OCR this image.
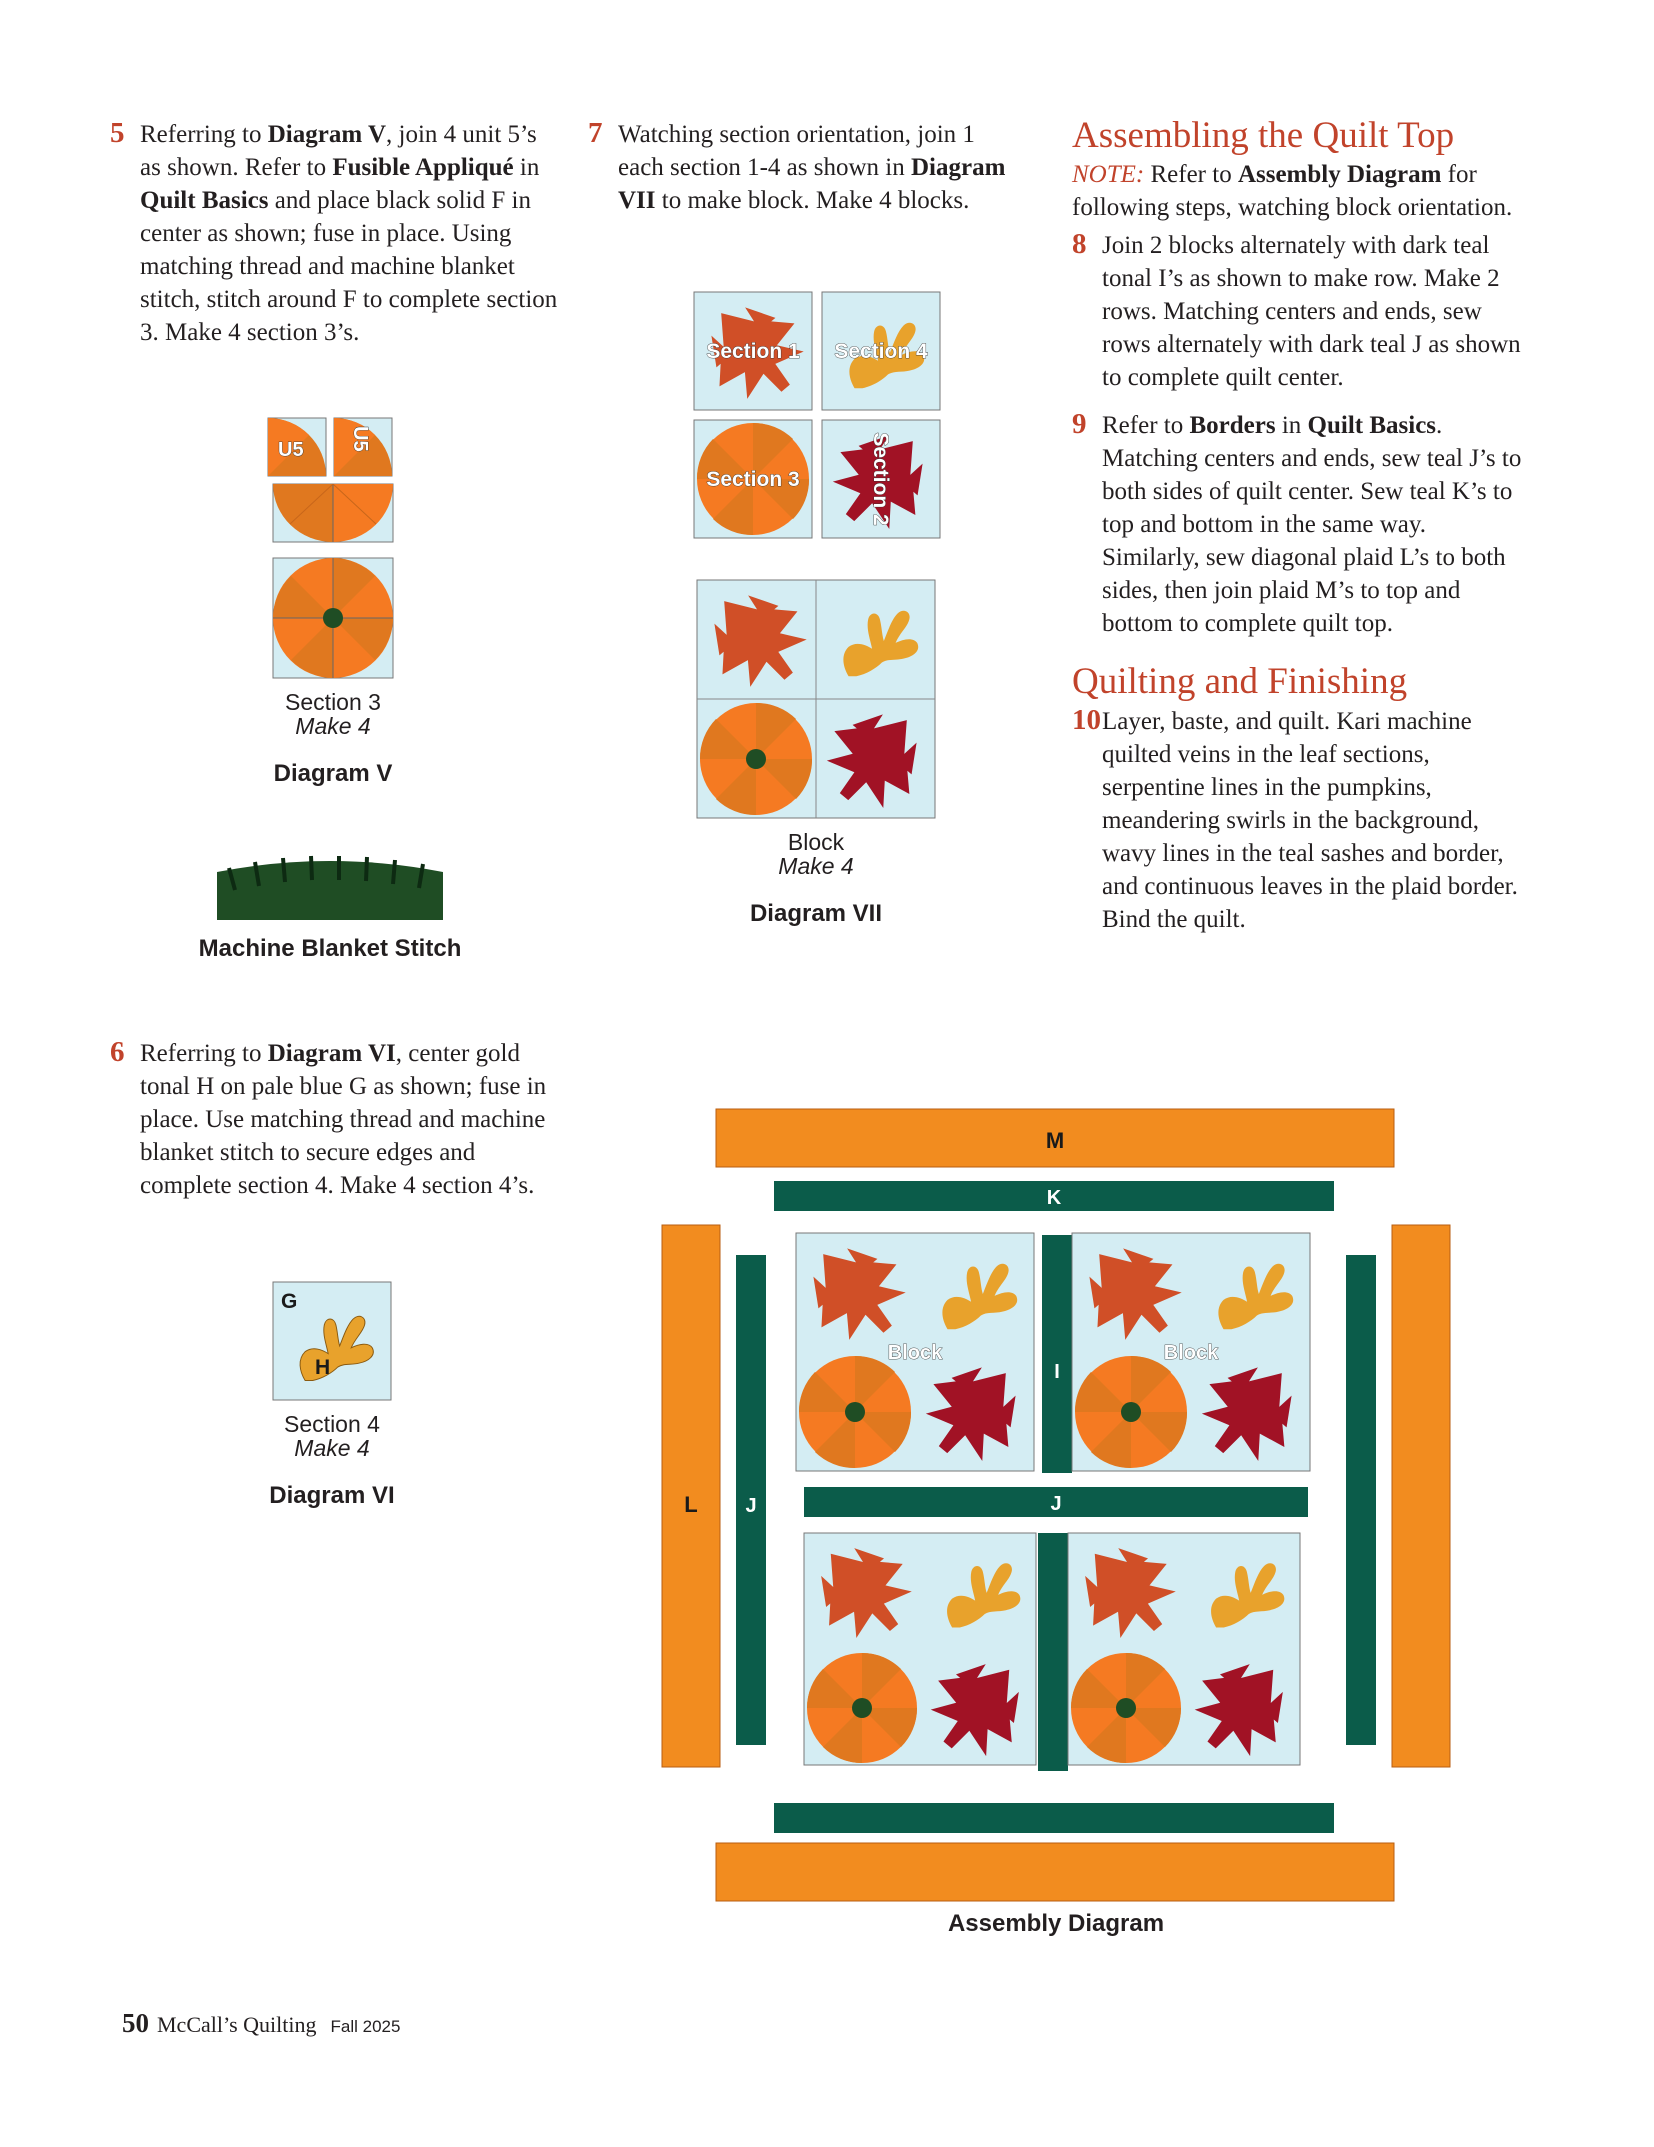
5 Referring to Diagram V, join 4 unit 5’s as shown. Refer to Fusible Appliqué in Quilt Basics and place black solid F in center as shown; fuse in place. Using matching thread and machine blanket stitch, stitch around F to complete section 3. Make 4 section 3’s.

U5 U5
Section 3
Make 4
Diagram V
Machine Blanket Stitch

6 Referring to Diagram VI, center gold tonal H on pale blue G as shown; fuse in place. Use matching thread and machine blanket stitch to secure edges and complete section 4. Make 4 section 4’s.

G
H
Section 4
Make 4
Diagram VI

7 Watching section orientation, join 1 each section 1-4 as shown in Diagram VII to make block. Make 4 blocks.

Section 1 Section 4
Section 3	Section 2
Block
Make 4
Diagram VII
Assembling the Quilt Top

NOTE: Refer to Assembly Diagram for following steps, watching block orientation.

8 Join 2 blocks alternately with dark teal tonal I’s as shown to make row. Make 2 rows. Matching centers and ends, sew rows alternately with dark teal J as shown to complete quilt center.

9 Refer to Borders in Quilt Basics. Matching centers and ends, sew teal J’s to both sides of quilt center. Sew teal K’s to top and bottom in the same way. Similarly, sew diagonal plaid L’s to both sides, then join plaid M’s to top and bottom to complete quilt top.

Quilting and Finishing

10Layer, baste, and quilt. Kari machine quilted veins in the leaf sections, serpentine lines in the pumpkins, meandering swirls in the background, wavy lines in the teal sashes and border, and continuous leaves in the plaid border. Bind the quilt.

M
K
L J	J
I
Block	Block
Assembly Diagram
50 McCall’s Quilting Fall 2025
